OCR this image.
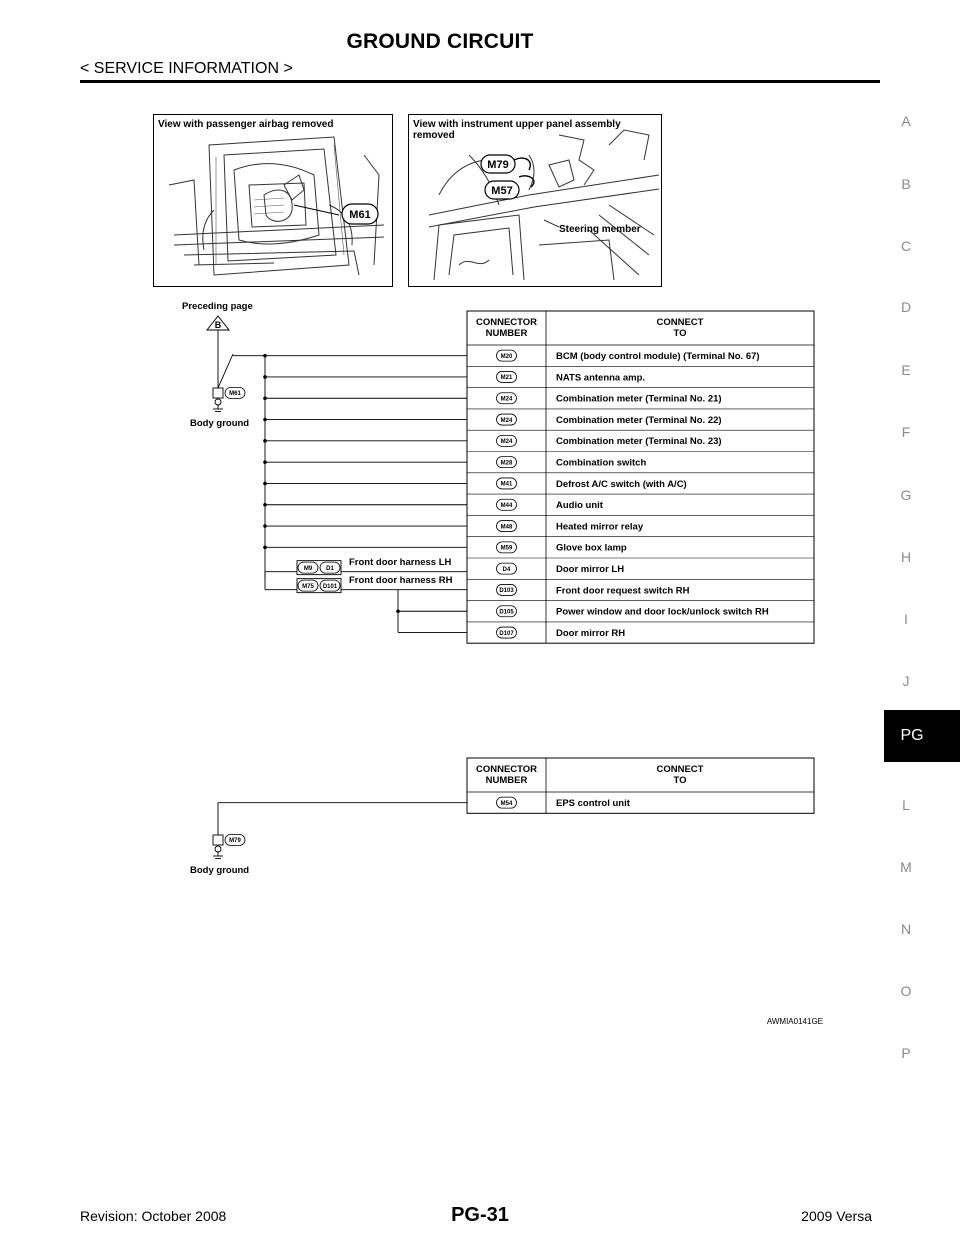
GROUND CIRCUIT
< SERVICE INFORMATION >
A
B
C
D
E
F
G
H
I
J
L
M
N
O
P
PG
View with passenger airbag removed
M61
View with instrument upper panel assembly removed
M79
M57
Steering member
Preceding page
B
M61
Body ground
CONNECTOR
NUMBER
CONNECT
TO
M20	BCM (body control module) (Terminal No. 67)
M21	NATS antenna amp.
M24	Combination meter (Terminal No. 21)
M24	Combination meter (Terminal No. 22)
M24	Combination meter (Terminal No. 23)
M28	Combination switch
M41	Defrost A/C switch (with A/C)
M44	Audio unit
M48	Heated mirror relay
M59	Glove box lamp
D4	Door mirror LH
D103	Front door request switch RH
D105	Power window and door lock/unlock switch RH
D107	Door mirror RH
M9 D1
Front door harness LH
M75 D101
Front door harness RH
M79
Body ground
CONNECTOR
NUMBER
CONNECT
TO
M54	EPS control unit
AWMIA0141GE
Revision: October 2008	PG-31	2009 Versa
